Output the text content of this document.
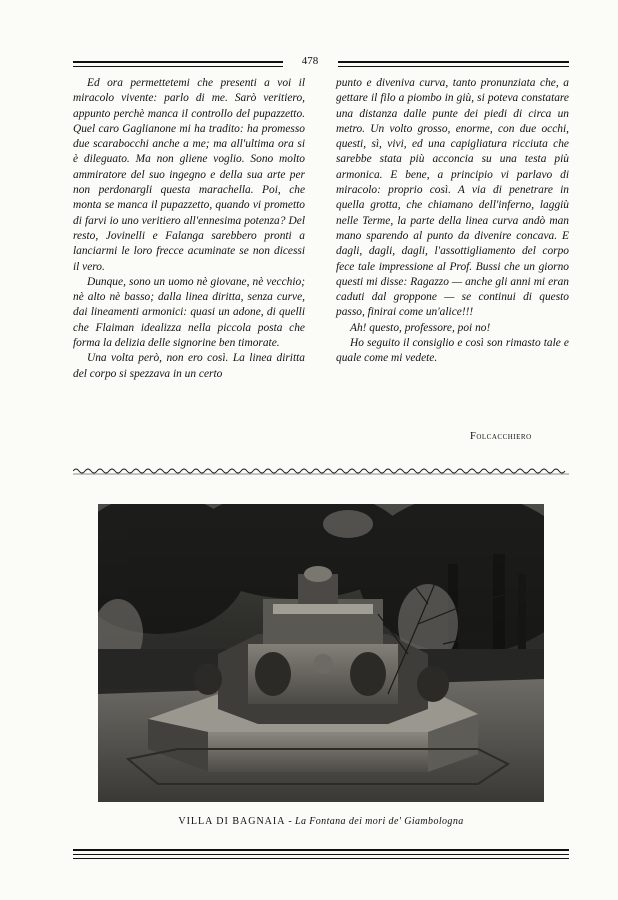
478

Ed ora permettetemi che presenti a voi il miracolo vivente: parlo di me. Sarò veritiero, appunto perchè manca il controllo del pupazzetto. Quel caro Gaglianone mi ha tradito: ha promesso due scarabocchi anche a me; ma all'ultima ora si è dileguato. Ma non gliene voglio. Sono molto ammiratore del suo ingegno e della sua arte per non perdonargli questa marachella. Poi, che monta se manca il pupazzetto, quando vi prometto di farvi io uno veritiero all'ennesima potenza? Del resto, Jovinelli e Falanga sarebbero pronti a lanciarmi le loro frecce acuminate se non dicessi il vero.

Dunque, sono un uomo nè giovane, nè vecchio; nè alto nè basso; dalla linea diritta, senza curve, dai lineamenti armonici: quasi un adone, di quelli che Flaiman idealizza nella piccola posta che forma la delizia delle signorine ben timorate.

Una volta però, non ero così. La linea diritta del corpo si spezzava in un certo

punto e diveniva curva, tanto pronunziata che, a gettare il filo a piombo in giù, si poteva constatare una distanza dalle punte dei piedi di circa un metro. Un volto grosso, enorme, con due occhi, questi, sì, vivi, ed una capigliatura ricciuta che sarebbe stata più acconcia su una testa più armonica. E bene, a principio vi parlavo di miracolo: proprio così. A via di penetrare in quella grotta, che chiamano dell'inferno, laggiù nelle Terme, la parte della linea curva andò man mano sparendo al punto da divenire concava. E dagli, dagli, dagli, l'assottigliamento del corpo fece tale impressione al Prof. Bussi che un giorno questi mi disse: Ragazzo — anche gli anni mi eran caduti dal groppone — se continui di questo passo, finirai come un'alice!!!

Ah! questo, professore, poi no!

Ho seguito il consiglio e così son rimasto tale e quale come mi vedete.

Folcacchiero
VILLA DI BAGNAIA - La Fontana dei mori de' Giambologna
